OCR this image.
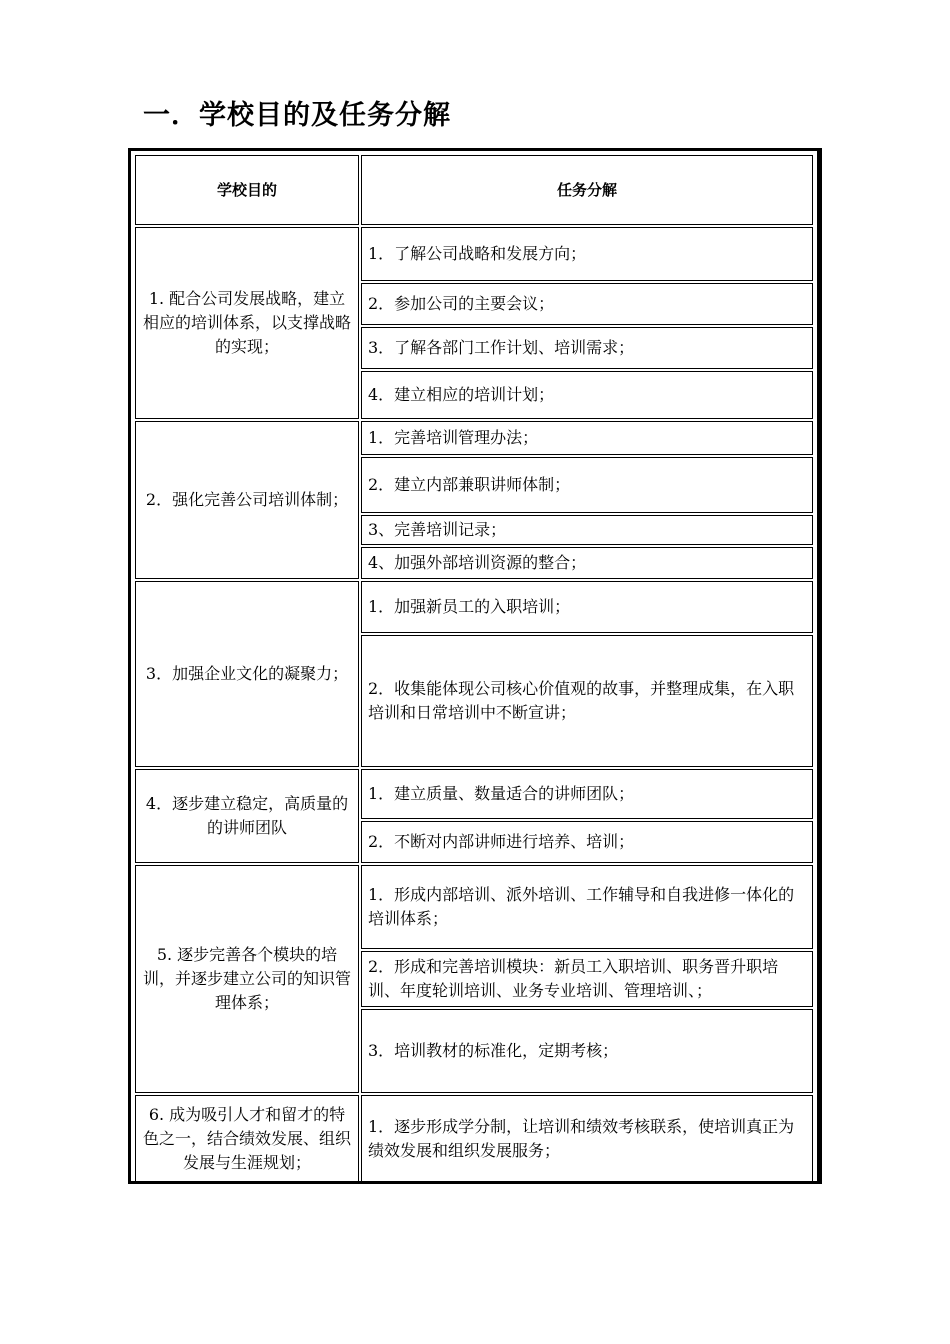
一．学校目的及任务分解
学校目的	任务分解
1. 配合公司发展战略，建立相应的培训体系，以支撑战略的实现；	1．了解公司战略和发展方向；
	2．参加公司的主要会议；
	3．了解各部门工作计划、培训需求；
	4．建立相应的培训计划；
2．强化完善公司培训体制；	1．完善培训管理办法；
	2．建立内部兼职讲师体制；
	3、完善培训记录；
	4、加强外部培训资源的整合；
3．加强企业文化的凝聚力；	1．加强新员工的入职培训；
	2．收集能体现公司核心价值观的故事，并整理成集，在入职培训和日常培训中不断宣讲；
4．逐步建立稳定，高质量的的讲师团队	1．建立质量、数量适合的讲师团队；
	2．不断对内部讲师进行培养、培训；
5. 逐步完善各个模块的培训，并逐步建立公司的知识管理体系；	1．形成内部培训、派外培训、工作辅导和自我进修一体化的培训体系；
	2．形成和完善培训模块：新员工入职培训、职务晋升职培训、年度轮训培训、业务专业培训、管理培训、；
	3．培训教材的标准化，定期考核；
6. 成为吸引人才和留才的特色之一，结合绩效发展、组织发展与生涯规划；	1．逐步形成学分制，让培训和绩效考核联系，使培训真正为绩效发展和组织发展服务；
